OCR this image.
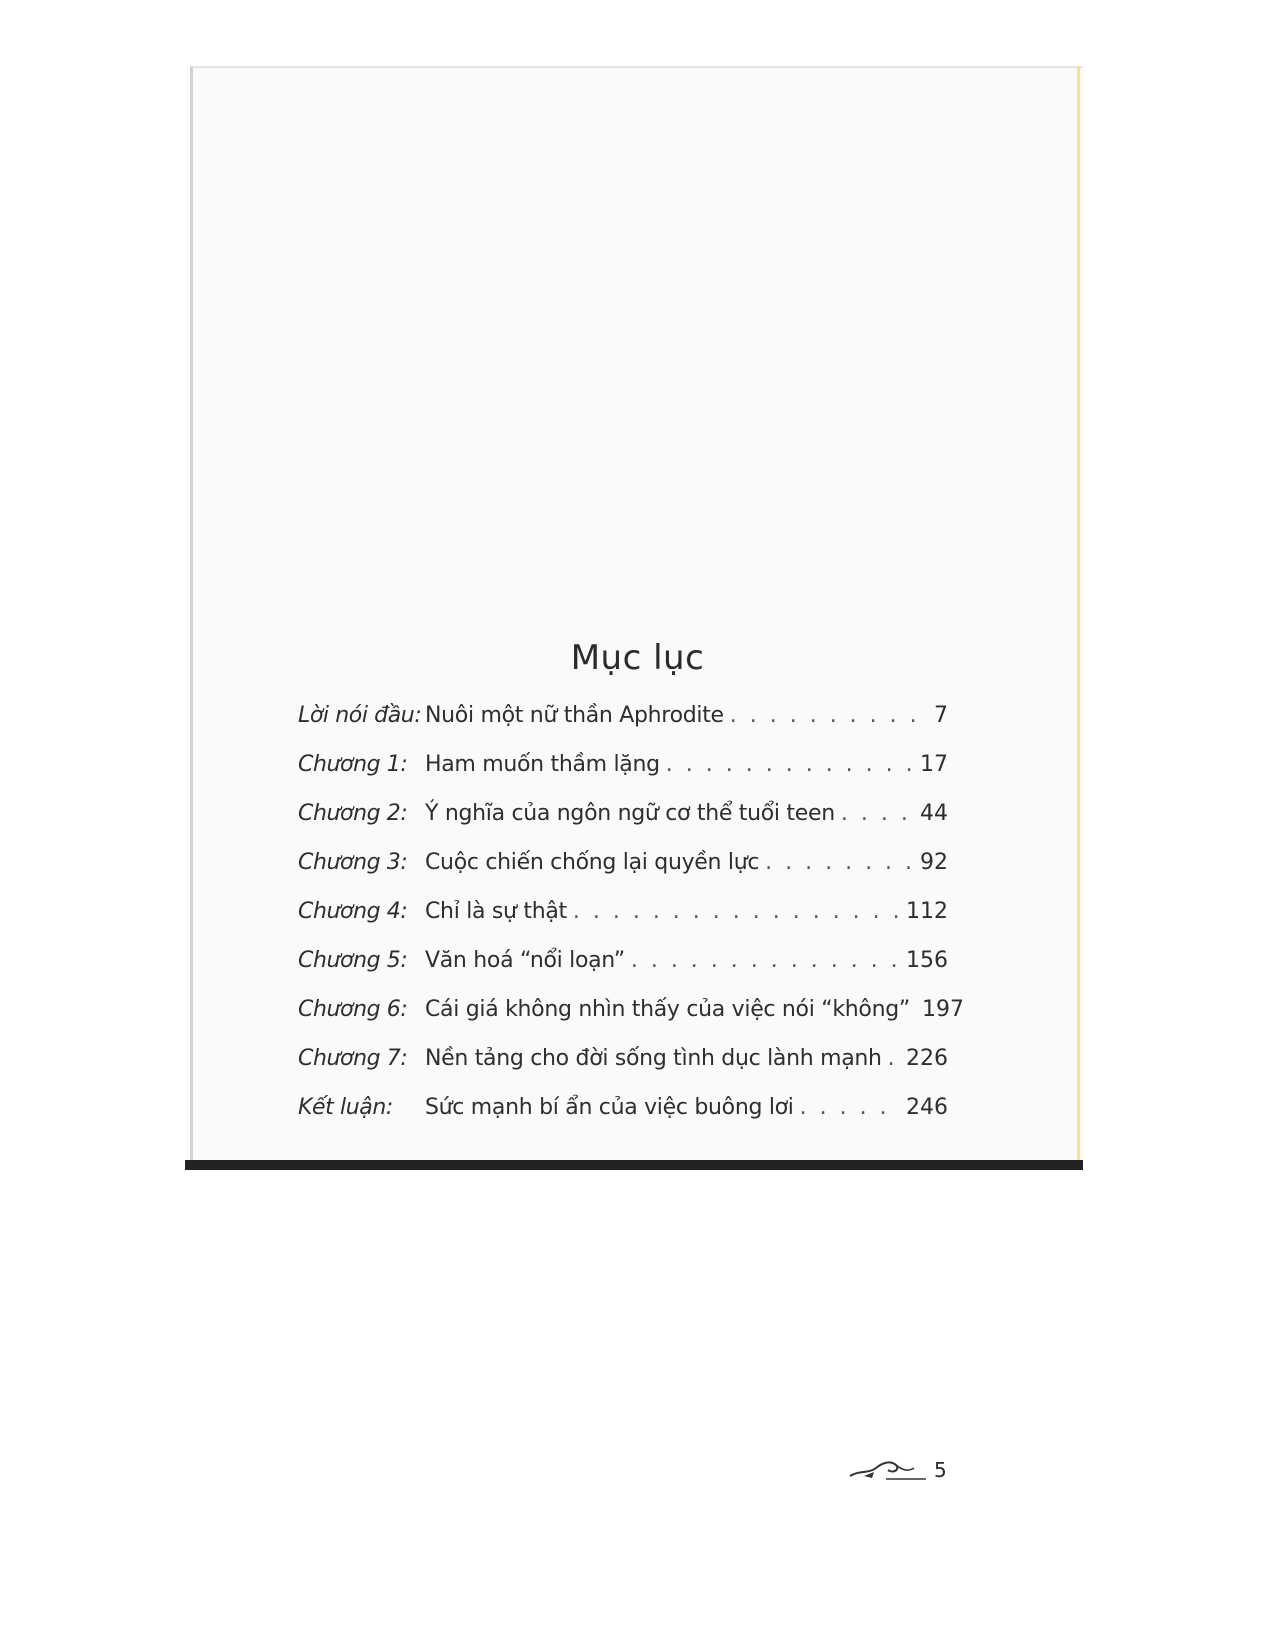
Mục lục
Lời nói đầu: Nuôi một nữ thần Aphrodite . . .	7
Chương 1: Ham muốn thầm lặng . . .	17
Chương 2: Ý nghĩa của ngôn ngữ cơ thể tuổi teen . . .	44
Chương 3: Cuộc chiến chống lại quyền lực . . .	92
Chương 4: Chỉ là sự thật . . .	112
Chương 5: Văn hoá “nổi loạn” . . .	156
Chương 6: Cái giá không nhìn thấy của việc nói “không” 197
Chương 7: Nền tảng cho đời sống tình dục lành mạnh . . . 226
Kết luận:	Sức mạnh bí ẩn của việc buông lơi . . .	246
5
